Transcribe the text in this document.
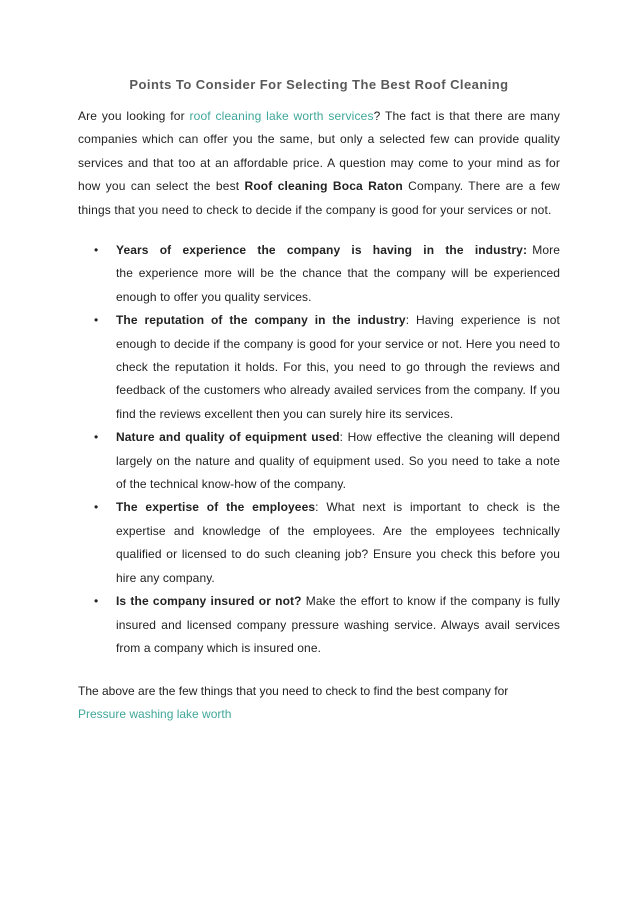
Points To Consider For Selecting The Best Roof Cleaning

Are you looking for roof cleaning lake worth services? The fact is that there are many companies which can offer you the same, but only a selected few can provide quality services and that too at an affordable price. A question may come to your mind as for how you can select the best Roof cleaning Boca Raton Company. There are a few things that you need to check to decide if the company is good for your services or not.

• Years of experience the company is having in the industry: More the experience more will be the chance that the company will be experienced enough to offer you quality services.
• The reputation of the company in the industry: Having experience is not enough to decide if the company is good for your service or not. Here you need to check the reputation it holds. For this, you need to go through the reviews and feedback of the customers who already availed services from the company. If you find the reviews excellent then you can surely hire its services.
• Nature and quality of equipment used: How effective the cleaning will depend largely on the nature and quality of equipment used. So you need to take a note of the technical know-how of the company.
• The expertise of the employees: What next is important to check is the expertise and knowledge of the employees. Are the employees technically qualified or licensed to do such cleaning job? Ensure you check this before you hire any company.
• Is the company insured or not? Make the effort to know if the company is fully insured and licensed company pressure washing service. Always avail services from a company which is insured one.
The above are the few things that you need to check to find the best company for
Pressure washing lake worth
